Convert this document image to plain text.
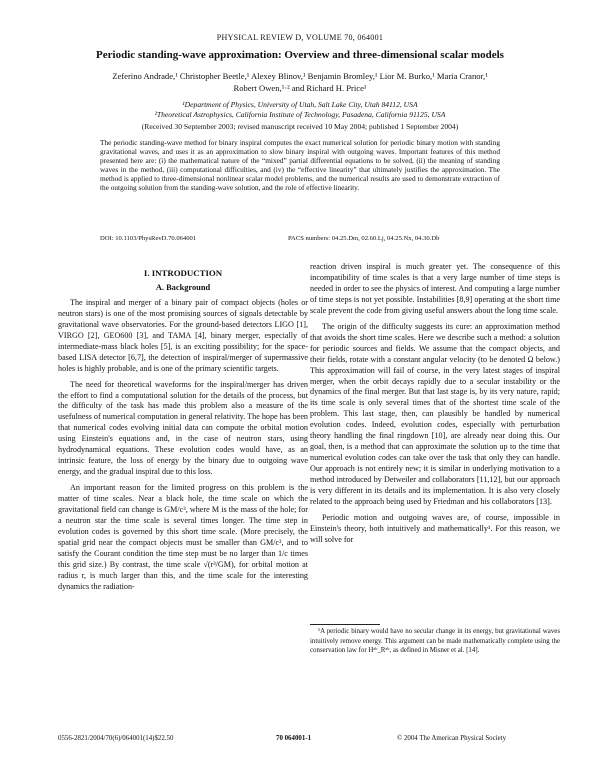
PHYSICAL REVIEW D, VOLUME 70, 064001
Periodic standing-wave approximation: Overview and three-dimensional scalar models
Zeferino Andrade,¹ Christopher Beetle,¹ Alexey Blinov,¹ Benjamin Bromley,¹ Lior M. Burko,¹ Maria Cranor,¹
Robert Owen,¹·² and Richard H. Price¹
¹Department of Physics, University of Utah, Salt Lake City, Utah 84112, USA
²Theoretical Astrophysics, California Institute of Technology, Pasadena, California 91125, USA
(Received 30 September 2003; revised manuscript received 10 May 2004; published 1 September 2004)
The periodic standing-wave method for binary inspiral computes the exact numerical solution for periodic binary motion with standing gravitational waves, and uses it as an approximation to slow binary inspiral with outgoing waves. Important features of this method presented here are: (i) the mathematical nature of the “mixed” partial differential equations to be solved, (ii) the meaning of standing waves in the method, (iii) computational difficulties, and (iv) the “effective linearity” that ultimately justifies the approximation. The method is applied to three-dimensional nonlinear scalar model problems, and the numerical results are used to demonstrate extraction of the outgoing solution from the standing-wave solution, and the role of effective linearity.
DOI: 10.1103/PhysRevD.70.064001	PACS numbers: 04.25.Dm, 02.60.Lj, 04.25.Nx, 04.30.Db
I. INTRODUCTION
A. Background

The inspiral and merger of a binary pair of compact objects (holes or neutron stars) is one of the most promising sources of signals detectable by gravitational wave observatories. For the ground-based detectors LIGO [1], VIRGO [2], GEO600 [3], and TAMA [4], binary merger, especially of intermediate-mass black holes [5], is an exciting possibility; for the space-based LISA detector [6,7], the detection of inspiral/merger of supermassive holes is highly probable, and is one of the primary scientific targets.

The need for theoretical waveforms for the inspiral/merger has driven the effort to find a computational solution for the details of the process, but the difficulty of the task has made this problem also a measure of the usefulness of numerical computation in general relativity. The hope has been that numerical codes evolving initial data can compute the orbital motion using Einstein's equations and, in the case of neutron stars, using hydrodynamical equations. These evolution codes would have, as an intrinsic feature, the loss of energy by the binary due to outgoing wave energy, and the gradual inspiral due to this loss.

An important reason for the limited progress on this problem is the matter of time scales. Near a black hole, the time scale on which the gravitational field can change is GM/c³, where M is the mass of the hole; for a neutron star the time scale is several times longer. The time step in evolution codes is governed by this short time scale. (More precisely, the spatial grid near the compact objects must be smaller than GM/c², and to satisfy the Courant condition the time step must be no larger than 1/c times this grid size.) By contrast, the time scale √(r³/GM), for orbital motion at radius r, is much larger than this, and the time scale for the interesting dynamics the radiation-

reaction driven inspiral is much greater yet. The consequence of this incompatibility of time scales is that a very large number of time steps is needed in order to see the physics of interest. And computing a large number of time steps is not yet possible. Instabilities [8,9] operating at the short time scale prevent the code from giving useful answers about the long time scale.

The origin of the difficulty suggests its cure: an approximation method that avoids the short time scales. Here we describe such a method: a solution for periodic sources and fields. We assume that the compact objects, and their fields, rotate with a constant angular velocity (to be denoted Ω below.) This approximation will fail of course, in the very latest stages of inspiral merger, when the orbit decays rapidly due to a secular instability or the dynamics of the final merger. But that last stage is, by its very nature, rapid; its time scale is only several times that of the shortest time scale of the problem. This last stage, then, can plausibly be handled by numerical evolution codes. Indeed, evolution codes, especially with perturbation theory handling the final ringdown [10], are already near doing this. Our goal, then, is a method that can approximate the solution up to the time that numerical evolution codes can take over the task that only they can handle. Our approach is not entirely new; it is similar in underlying motivation to a method introduced by Detweiler and collaborators [11,12], but our approach is very different in its details and its implementation. It is also very closely related to the approach being used by Friedman and his collaborators [13].

Periodic motion and outgoing waves are, of course, impossible in Einstein's theory, both intuitively and mathematically¹. For this reason, we will solve for

¹A periodic binary would have no secular change in its energy, but gravitational waves intuitively remove energy. This argument can be made mathematically complete using the conservation law for Hᵃᵇ_Rᵃᵇ, as defined in Misner et al. [14].
0556-2821/2004/70(6)/064001(14)$22.50	70 064001-1	© 2004 The American Physical Society
